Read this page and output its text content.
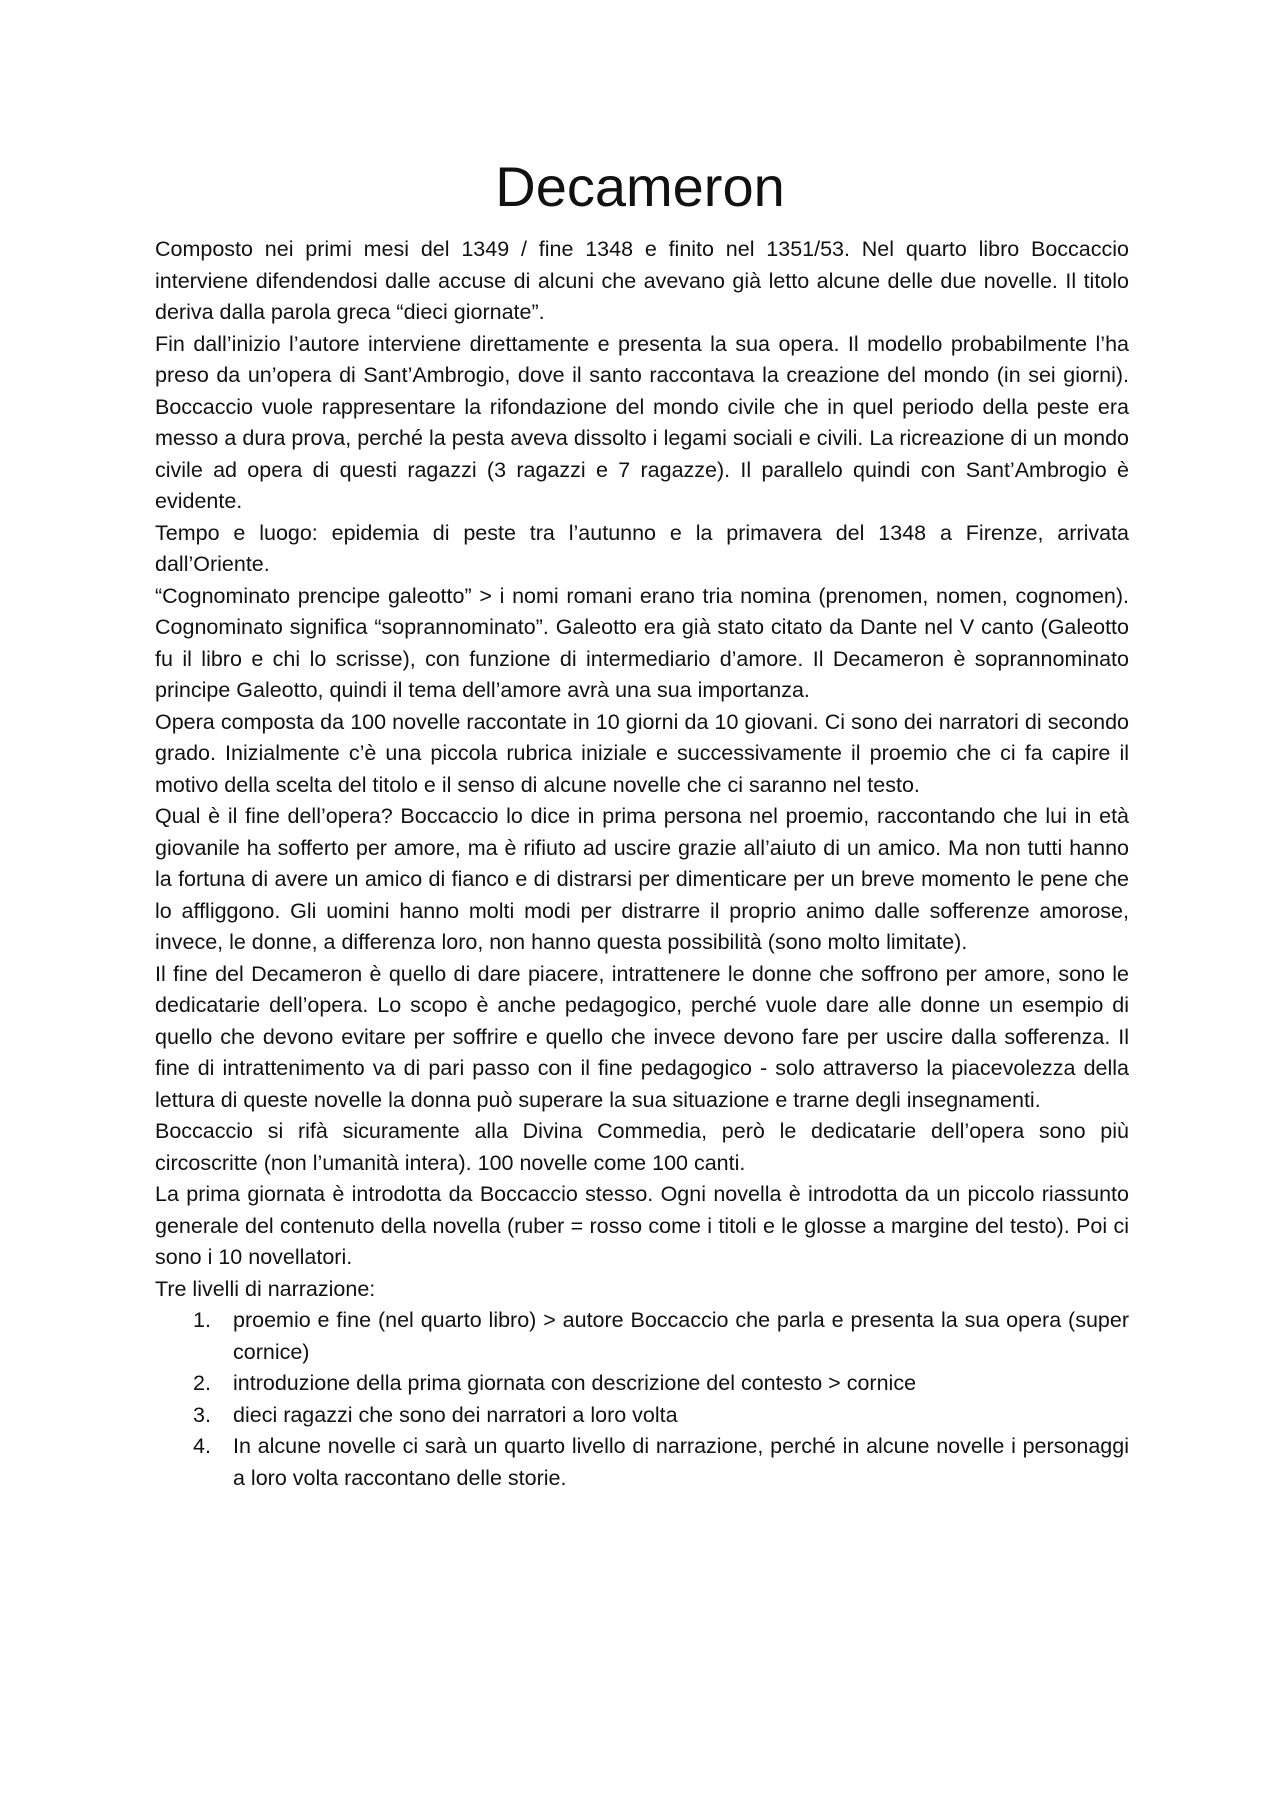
Decameron

Composto nei primi mesi del 1349 / fine 1348 e finito nel 1351/53. Nel quarto libro Boccaccio interviene difendendosi dalle accuse di alcuni che avevano già letto alcune delle due novelle. Il titolo deriva dalla parola greca “dieci giornate”.

Fin dall’inizio l’autore interviene direttamente e presenta la sua opera. Il modello probabilmente l’ha preso da un’opera di Sant’Ambrogio, dove il santo raccontava la creazione del mondo (in sei giorni). Boccaccio vuole rappresentare la rifondazione del mondo civile che in quel periodo della peste era messo a dura prova, perché la pesta aveva dissolto i legami sociali e civili. La ricreazione di un mondo civile ad opera di questi ragazzi (3 ragazzi e 7 ragazze). Il parallelo quindi con Sant’Ambrogio è evidente.

Tempo e luogo: epidemia di peste tra l’autunno e la primavera del 1348 a Firenze, arrivata dall’Oriente.

“Cognominato prencipe galeotto” > i nomi romani erano tria nomina (prenomen, nomen, cognomen). Cognominato significa “soprannominato”. Galeotto era già stato citato da Dante nel V canto (Galeotto fu il libro e chi lo scrisse), con funzione di intermediario d’amore. Il Decameron è soprannominato principe Galeotto, quindi il tema dell’amore avrà una sua importanza.

Opera composta da 100 novelle raccontate in 10 giorni da 10 giovani. Ci sono dei narratori di secondo grado. Inizialmente c’è una piccola rubrica iniziale e successivamente il proemio che ci fa capire il motivo della scelta del titolo e il senso di alcune novelle che ci saranno nel testo.

Qual è il fine dell’opera? Boccaccio lo dice in prima persona nel proemio, raccontando che lui in età giovanile ha sofferto per amore, ma è rifiuto ad uscire grazie all’aiuto di un amico. Ma non tutti hanno la fortuna di avere un amico di fianco e di distrarsi per dimenticare per un breve momento le pene che lo affliggono. Gli uomini hanno molti modi per distrarre il proprio animo dalle sofferenze amorose, invece, le donne, a differenza loro, non hanno questa possibilità (sono molto limitate).

Il fine del Decameron è quello di dare piacere, intrattenere le donne che soffrono per amore, sono le dedicatarie dell’opera. Lo scopo è anche pedagogico, perché vuole dare alle donne un esempio di quello che devono evitare per soffrire e quello che invece devono fare per uscire dalla sofferenza. Il fine di intrattenimento va di pari passo con il fine pedagogico - solo attraverso la piacevolezza della lettura di queste novelle la donna può superare la sua situazione e trarne degli insegnamenti.

Boccaccio si rifà sicuramente alla Divina Commedia, però le dedicatarie dell’opera sono più circoscritte (non l’umanità intera). 100 novelle come 100 canti.

La prima giornata è introdotta da Boccaccio stesso. Ogni novella è introdotta da un piccolo riassunto generale del contenuto della novella (ruber = rosso come i titoli e le glosse a margine del testo). Poi ci sono i 10 novellatori.

Tre livelli di narrazione:

1. proemio e fine (nel quarto libro) > autore Boccaccio che parla e presenta la sua opera (super cornice)
2. introduzione della prima giornata con descrizione del contesto > cornice
3. dieci ragazzi che sono dei narratori a loro volta
4. In alcune novelle ci sarà un quarto livello di narrazione, perché in alcune novelle i personaggi a loro volta raccontano delle storie.
